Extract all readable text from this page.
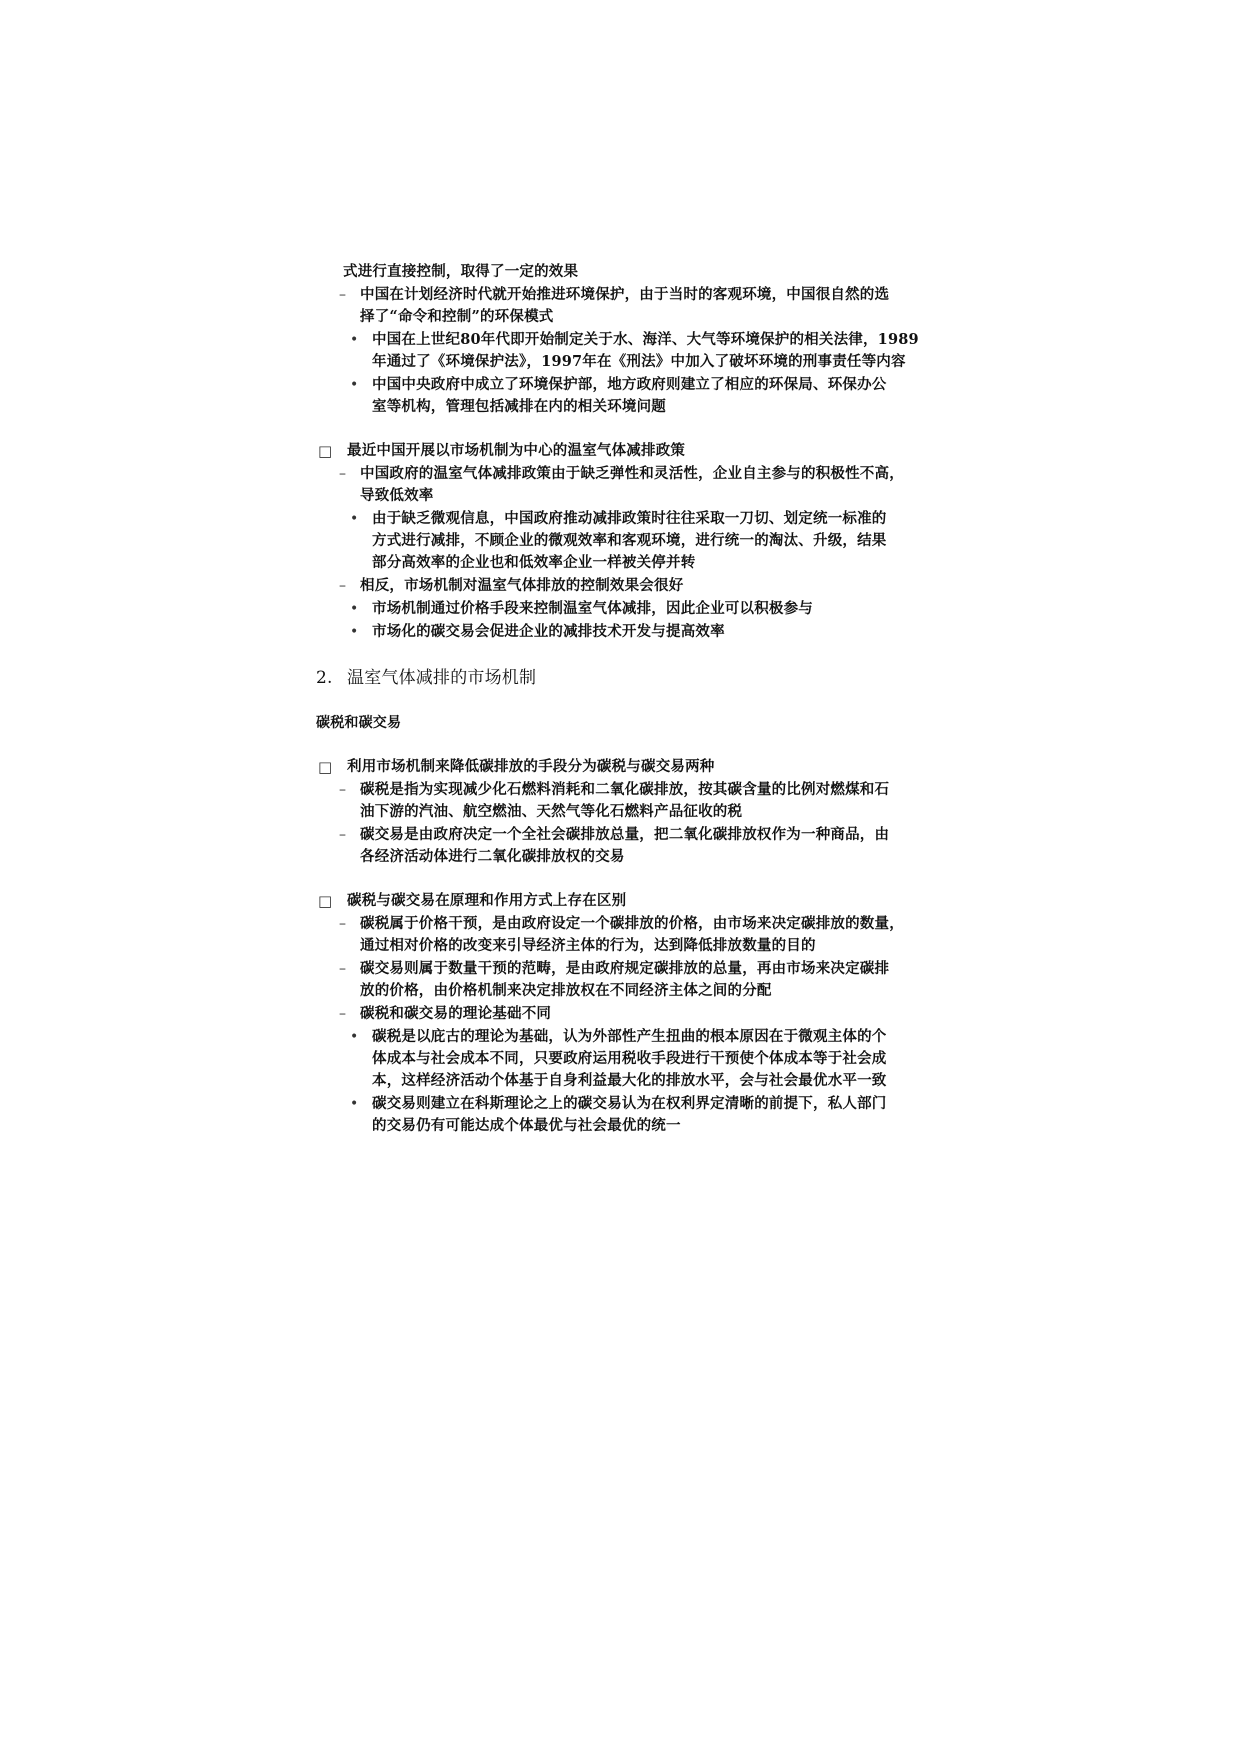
式进行直接控制，取得了一定的效果
– 中国在计划经济时代就开始推进环境保护，由于当时的客观环境，中国很自然的选
择了“命令和控制”的环保模式
• 中国在上世纪80年代即开始制定关于水、海洋、大气等环境保护的相关法律，1989
年通过了《环境保护法》，1997年在《刑法》中加入了破坏环境的刑事责任等内容
• 中国中央政府中成立了环境保护部，地方政府则建立了相应的环保局、环保办公
室等机构，管理包括减排在内的相关环境问题
□ 最近中国开展以市场机制为中心的温室气体减排政策
– 中国政府的温室气体减排政策由于缺乏弹性和灵活性，企业自主参与的积极性不高，
导致低效率
• 由于缺乏微观信息，中国政府推动减排政策时往往采取一刀切、划定统一标准的
方式进行减排，不顾企业的微观效率和客观环境，进行统一的淘汰、升级，结果
部分高效率的企业也和低效率企业一样被关停并转
– 相反，市场机制对温室气体排放的控制效果会很好
• 市场机制通过价格手段来控制温室气体减排，因此企业可以积极参与
• 市场化的碳交易会促进企业的减排技术开发与提高效率
2. 温室气体减排的市场机制
碳税和碳交易
□ 利用市场机制来降低碳排放的手段分为碳税与碳交易两种
– 碳税是指为实现减少化石燃料消耗和二氧化碳排放，按其碳含量的比例对燃煤和石
油下游的汽油、航空燃油、天然气等化石燃料产品征收的税
– 碳交易是由政府决定一个全社会碳排放总量，把二氧化碳排放权作为一种商品，由
各经济活动体进行二氧化碳排放权的交易
□ 碳税与碳交易在原理和作用方式上存在区别
– 碳税属于价格干预，是由政府设定一个碳排放的价格，由市场来决定碳排放的数量，
通过相对价格的改变来引导经济主体的行为，达到降低排放数量的目的
– 碳交易则属于数量干预的范畴，是由政府规定碳排放的总量，再由市场来决定碳排
放的价格，由价格机制来决定排放权在不同经济主体之间的分配
– 碳税和碳交易的理论基础不同
• 碳税是以庇古的理论为基础，认为外部性产生扭曲的根本原因在于微观主体的个
体成本与社会成本不同，只要政府运用税收手段进行干预使个体成本等于社会成
本，这样经济活动个体基于自身利益最大化的排放水平，会与社会最优水平一致
• 碳交易则建立在科斯理论之上的碳交易认为在权利界定清晰的前提下，私人部门
的交易仍有可能达成个体最优与社会最优的统一
